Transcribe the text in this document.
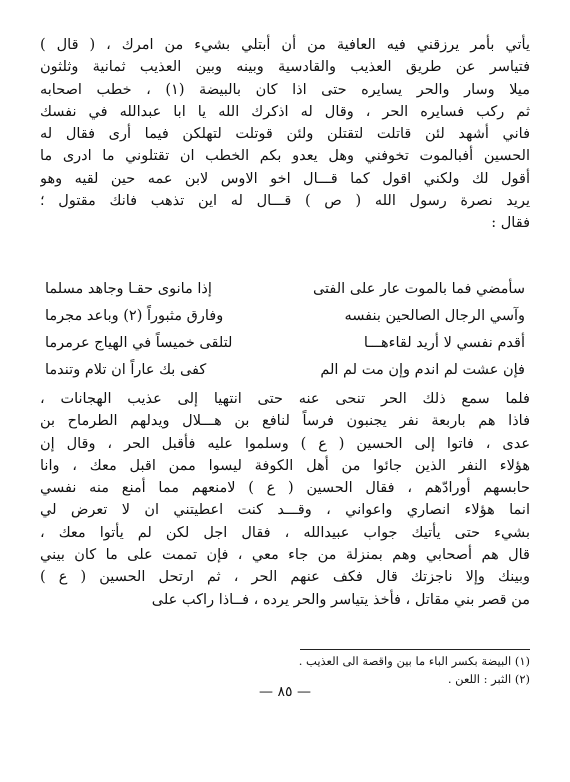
يأتي بأمر يرزقني فيه العافية من أن أبتلي بشيء من امرك ، ( قال )
فتياسر عن طريق العذيب والقادسية وبينه وبين العذيب ثمانية وثلثون
ميلا وسار والحر يسايره حتى اذا كان بالبيضة (١) ، خطب اصحابه
ثم ركب فسايره الحر ، وقال له اذكرك الله يا ابا عبدالله في نفسك
فاني أشهد لئن قاتلت لتقتلن ولئن قوتلت لتهلكن فيما أرى فقال له
الحسين أفبالموت تخوفني وهل يعدو بكم الخطب ان تقتلوني ما ادرى ما
أقول لك ولكني اقول كما قـــال اخو الاوس لابن عمه حين لقيه وهو
يريد نصرة رسول الله ( ص ) قـــال له اين تذهب فانك مقتول ؛
فقال :
سأمضي فما بالموت عار على الفتى
إذا مانوى حقـا وجاهد مسلما
وآسي الرجال الصالحين بنفسه
وفارق مثبوراً (٢) وباعد مجرما
أقدم نفسي لا أريد لقاءهـــا
لتلقى خميساً في الهياج عرمرما
فإن عشت لم اندم وإن مت لم الم
كفى بك عاراً ان تلام وتندما
فلما سمع ذلك الحر تنحى عنه حتى انتهيا إلى عذيب الهجانات ،
فاذا هم باربعة نفر يجنبون فرساً لنافع بن هـــلال ويدلهم الطرماح بن
عدى ، فاتوا إلى الحسين ( ع ) وسلموا عليه فأقبل الحر ، وقال إن
هؤلاء النفر الذين جائوا من أهل الكوفة ليسوا ممن اقبل معك ، وانا
حابسهم أورادّهم ، فقال الحسين ( ع ) لامنعهم مما أمنع منه نفسي
انما هؤلاء انصاري واعواني ، وقـــد كنت اعطيتني ان لا تعرض لي
بشيء حتى يأتيك جواب عبيدالله ، فقال اجل لكن لم يأتوا معك ،
قال هم أصحابي وهم بمنزلة من جاء معي ، فإن تممت على ما كان بيني
وبينك وإلا ناجزتك قال فكف عنهم الحر ، ثم ارتحل الحسين ( ع )
من قصر بني مقاتل ، فأخذ يتياسر والحر يرده ، فــاذا راكب على
(١) البيضة بكسر الباء ما بين واقصة الى العذيب .
(٢) الثبر : اللعن .
— ٨٥ —
